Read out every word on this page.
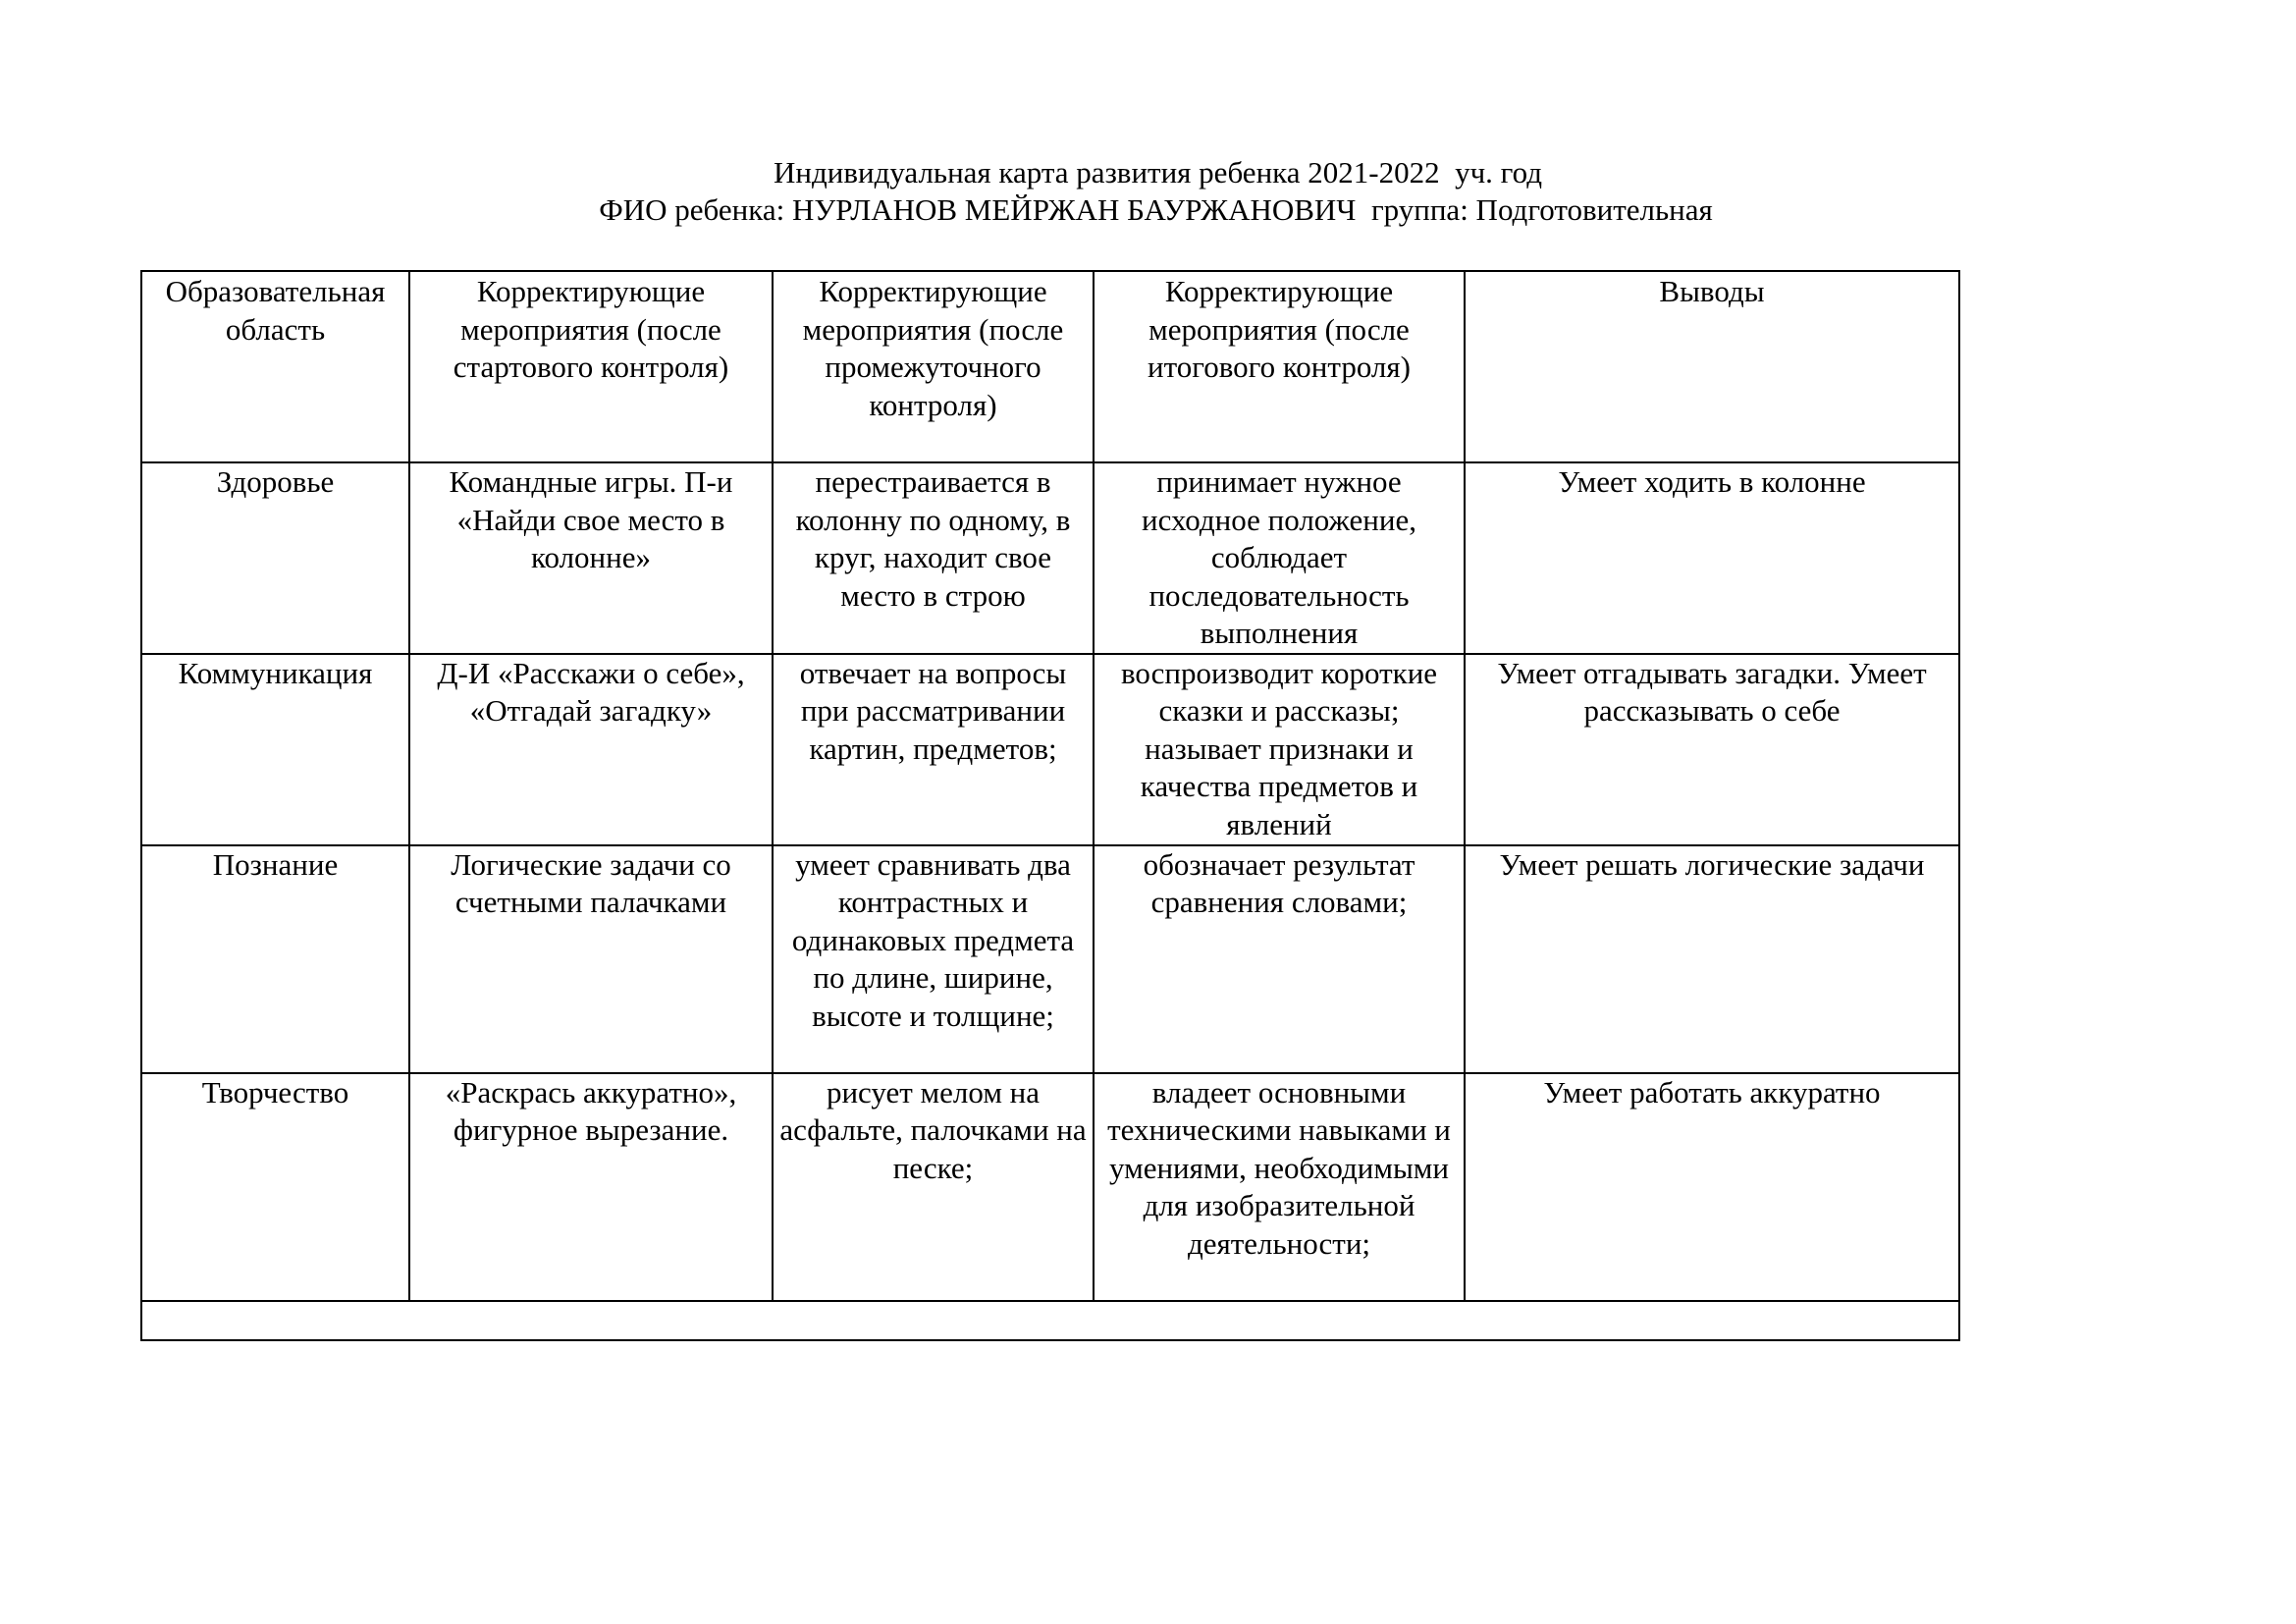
Индивидуальная карта развития ребенка 2021-2022  уч. год
ФИО ребенка: НУРЛАНОВ МЕЙРЖАН БАУРЖАНОВИЧ  группа: Подготовительная
Образовательная область	Корректирующие мероприятия (после стартового контроля)	Корректирующие мероприятия (после промежуточного контроля)	Корректирующие мероприятия (после итогового контроля)	Выводы
Здоровье	Командные игры. П-и «Найди свое место в колонне»	перестраивается в колонну по одному, в круг, находит свое место в строю	принимает нужное исходное положение, соблюдает последовательность выполнения	Умеет ходить в колонне
Коммуникация	Д-И «Расскажи о себе», «Отгадай загадку»	отвечает на вопросы при рассматривании картин, предметов;	воспроизводит короткие сказки и рассказы; называет признаки и качества предметов и явлений	Умеет отгадывать загадки. Умеет рассказывать о себе
Познание	Логические задачи со счетными палачками	умеет сравнивать два контрастных и одинаковых предмета по длине, ширине, высоте и толщине;	обозначает результат сравнения словами;	Умеет решать логические задачи
Творчество	«Раскрась аккуратно», фигурное вырезание.	рисует мелом на асфальте, палочками на песке;	владеет основными техническими навыками и умениями, необходимыми для изобразительной деятельности;	Умеет работать аккуратно
